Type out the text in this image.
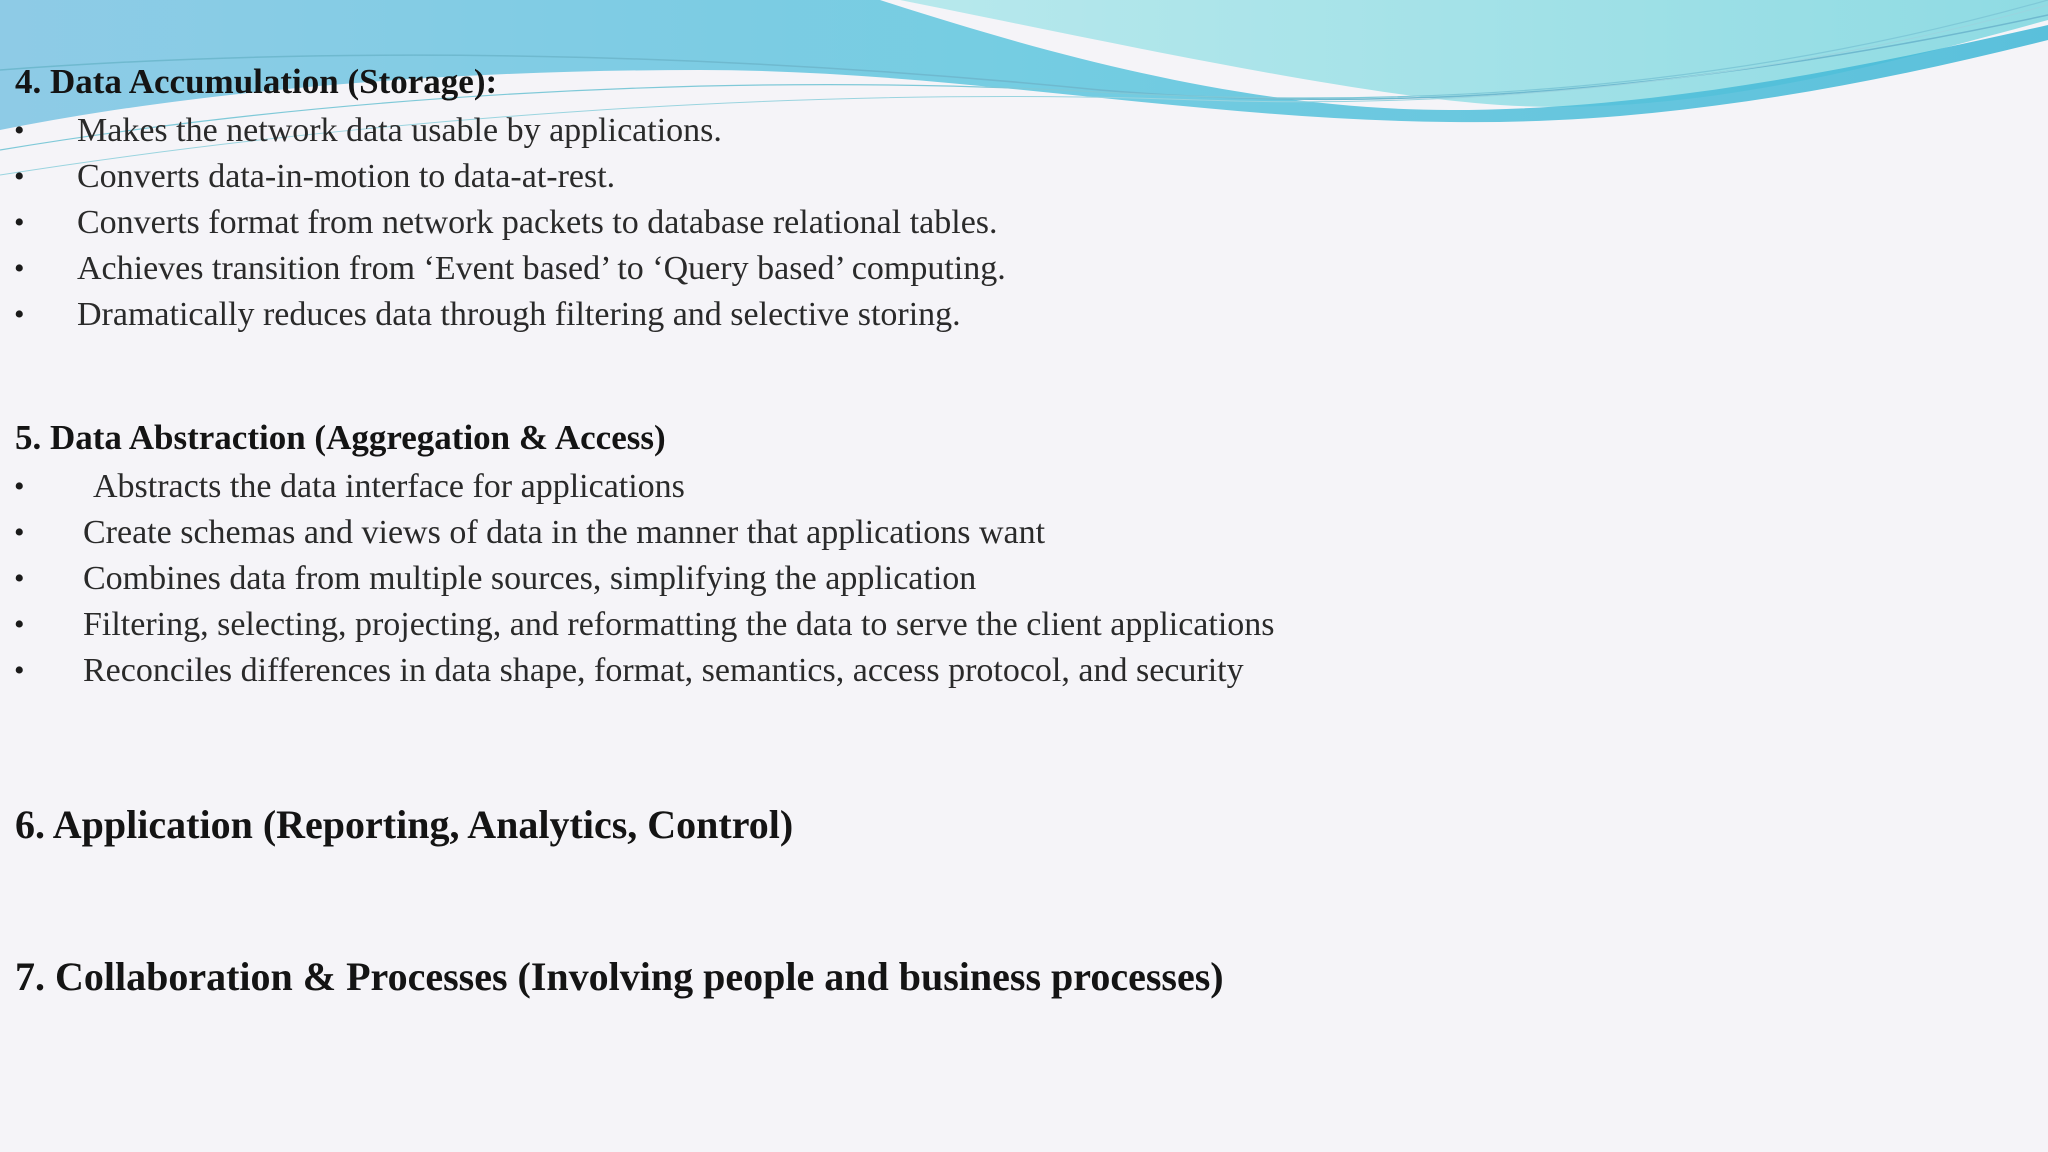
4. Data Accumulation (Storage):
• Makes the network data usable by applications.
• Converts data-in-motion to data-at-rest.
• Converts format from network packets to database relational tables.
• Achieves transition from ‘Event based’ to ‘Query based’ computing.
• Dramatically reduces data through filtering and selective storing.
5. Data Abstraction (Aggregation & Access)
• Abstracts the data interface for applications
• Create schemas and views of data in the manner that applications want
• Combines data from multiple sources, simplifying the application
• Filtering, selecting, projecting, and reformatting the data to serve the client applications
• Reconciles differences in data shape, format, semantics, access protocol, and security
6. Application (Reporting, Analytics, Control)
7. Collaboration & Processes (Involving people and business processes)
